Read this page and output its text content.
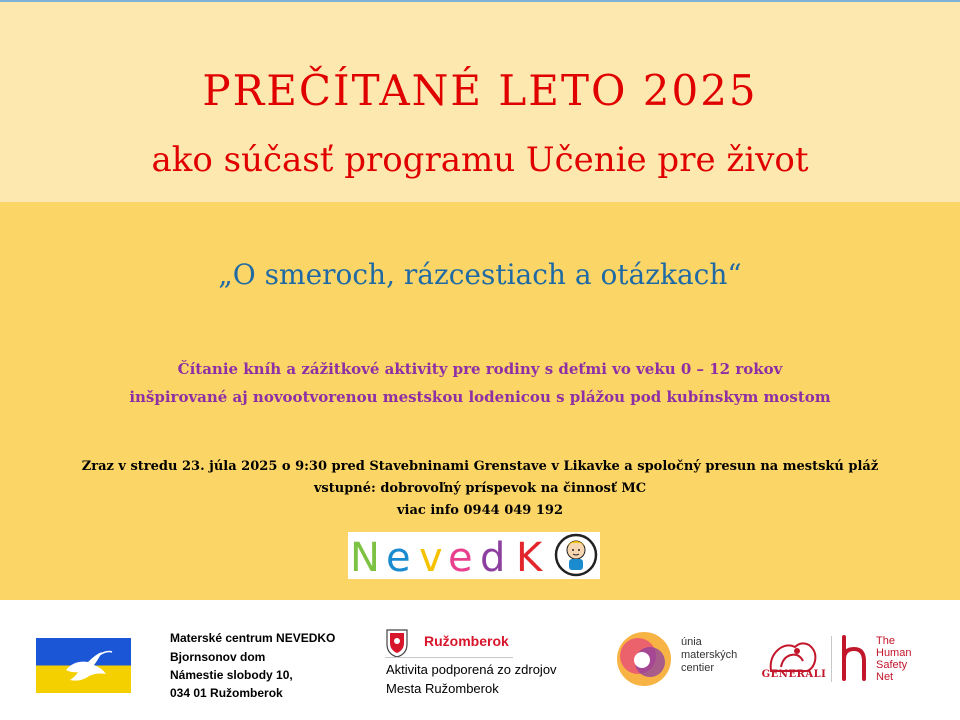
PREČÍTANÉ LETO 2025
ako súčasť programu Učenie pre život
„O smeroch, rázcestiach a otázkach“
Čítanie kníh a zážitkové aktivity pre rodiny s deťmi vo veku 0 – 12 rokov
inšpirované aj novootvorenou mestskou lodenicou s plážou pod kubínskym mostom
Zraz v stredu 23. júla 2025 o 9:30 pred Stavebninami Grenstave v Likavke a spoločný presun na mestskú pláž
vstupné: dobrovoľný príspevok na činnosť MC
viac info 0944 049 192
N e v e d K
Materské centrum NEVEDKO
Bjornsonov dom
Námestie slobody 10,
034 01 Ružomberok
Ružomberok
Aktivita podporená zo zdrojov
Mesta Ružomberok
únia
materských
centier
GENERALI
The
Human
Safety
Net
